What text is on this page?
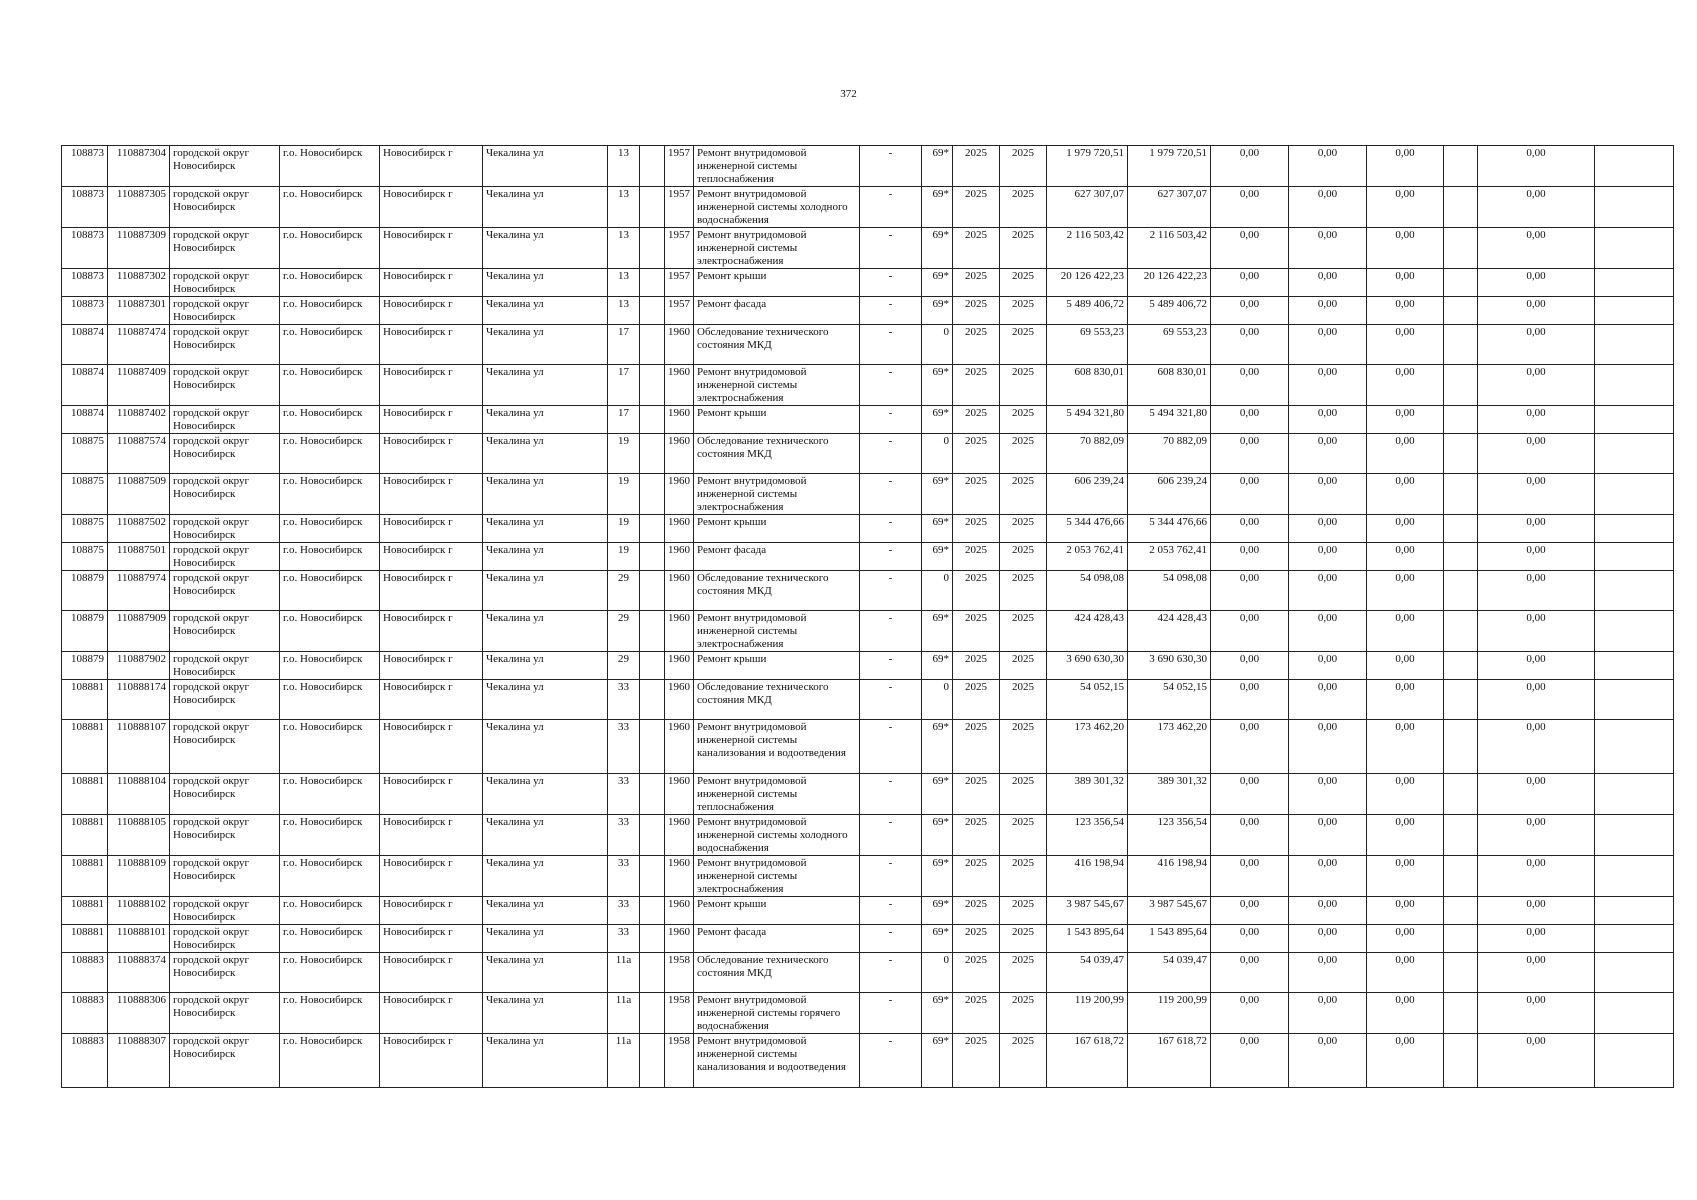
372
108873	110887304	городской округ Новосибирск	г.о. Новосибирск	Новосибирск г	Чекалина ул	13		1957	Ремонт внутридомовой инженерной системы теплоснабжения	-	69*	2025	2025	1 979 720,51	1 979 720,51	0,00	0,00	0,00		0,00	
108873	110887305	городской округ Новосибирск	г.о. Новосибирск	Новосибирск г	Чекалина ул	13		1957	Ремонт внутридомовой инженерной системы холодного водоснабжения	-	69*	2025	2025	627 307,07	627 307,07	0,00	0,00	0,00		0,00	
108873	110887309	городской округ Новосибирск	г.о. Новосибирск	Новосибирск г	Чекалина ул	13		1957	Ремонт внутридомовой инженерной системы электроснабжения	-	69*	2025	2025	2 116 503,42	2 116 503,42	0,00	0,00	0,00		0,00	
108873	110887302	городской округ Новосибирск	г.о. Новосибирск	Новосибирск г	Чекалина ул	13		1957	Ремонт крыши	-	69*	2025	2025	20 126 422,23	20 126 422,23	0,00	0,00	0,00		0,00	
108873	110887301	городской округ Новосибирск	г.о. Новосибирск	Новосибирск г	Чекалина ул	13		1957	Ремонт фасада	-	69*	2025	2025	5 489 406,72	5 489 406,72	0,00	0,00	0,00		0,00	
108874	110887474	городской округ Новосибирск	г.о. Новосибирск	Новосибирск г	Чекалина ул	17		1960	Обследование технического состояния МКД	-	0	2025	2025	69 553,23	69 553,23	0,00	0,00	0,00		0,00	
108874	110887409	городской округ Новосибирск	г.о. Новосибирск	Новосибирск г	Чекалина ул	17		1960	Ремонт внутридомовой инженерной системы электроснабжения	-	69*	2025	2025	608 830,01	608 830,01	0,00	0,00	0,00		0,00	
108874	110887402	городской округ Новосибирск	г.о. Новосибирск	Новосибирск г	Чекалина ул	17		1960	Ремонт крыши	-	69*	2025	2025	5 494 321,80	5 494 321,80	0,00	0,00	0,00		0,00	
108875	110887574	городской округ Новосибирск	г.о. Новосибирск	Новосибирск г	Чекалина ул	19		1960	Обследование технического состояния МКД	-	0	2025	2025	70 882,09	70 882,09	0,00	0,00	0,00		0,00	
108875	110887509	городской округ Новосибирск	г.о. Новосибирск	Новосибирск г	Чекалина ул	19		1960	Ремонт внутридомовой инженерной системы электроснабжения	-	69*	2025	2025	606 239,24	606 239,24	0,00	0,00	0,00		0,00	
108875	110887502	городской округ Новосибирск	г.о. Новосибирск	Новосибирск г	Чекалина ул	19		1960	Ремонт крыши	-	69*	2025	2025	5 344 476,66	5 344 476,66	0,00	0,00	0,00		0,00	
108875	110887501	городской округ Новосибирск	г.о. Новосибирск	Новосибирск г	Чекалина ул	19		1960	Ремонт фасада	-	69*	2025	2025	2 053 762,41	2 053 762,41	0,00	0,00	0,00		0,00	
108879	110887974	городской округ Новосибирск	г.о. Новосибирск	Новосибирск г	Чекалина ул	29		1960	Обследование технического состояния МКД	-	0	2025	2025	54 098,08	54 098,08	0,00	0,00	0,00		0,00	
108879	110887909	городской округ Новосибирск	г.о. Новосибирск	Новосибирск г	Чекалина ул	29		1960	Ремонт внутридомовой инженерной системы электроснабжения	-	69*	2025	2025	424 428,43	424 428,43	0,00	0,00	0,00		0,00	
108879	110887902	городской округ Новосибирск	г.о. Новосибирск	Новосибирск г	Чекалина ул	29		1960	Ремонт крыши	-	69*	2025	2025	3 690 630,30	3 690 630,30	0,00	0,00	0,00		0,00	
108881	110888174	городской округ Новосибирск	г.о. Новосибирск	Новосибирск г	Чекалина ул	33		1960	Обследование технического состояния МКД	-	0	2025	2025	54 052,15	54 052,15	0,00	0,00	0,00		0,00	
108881	110888107	городской округ Новосибирск	г.о. Новосибирск	Новосибирск г	Чекалина ул	33		1960	Ремонт внутридомовой инженерной системы канализования и водоотведения	-	69*	2025	2025	173 462,20	173 462,20	0,00	0,00	0,00		0,00	
108881	110888104	городской округ Новосибирск	г.о. Новосибирск	Новосибирск г	Чекалина ул	33		1960	Ремонт внутридомовой инженерной системы теплоснабжения	-	69*	2025	2025	389 301,32	389 301,32	0,00	0,00	0,00		0,00	
108881	110888105	городской округ Новосибирск	г.о. Новосибирск	Новосибирск г	Чекалина ул	33		1960	Ремонт внутридомовой инженерной системы холодного водоснабжения	-	69*	2025	2025	123 356,54	123 356,54	0,00	0,00	0,00		0,00	
108881	110888109	городской округ Новосибирск	г.о. Новосибирск	Новосибирск г	Чекалина ул	33		1960	Ремонт внутридомовой инженерной системы электроснабжения	-	69*	2025	2025	416 198,94	416 198,94	0,00	0,00	0,00		0,00	
108881	110888102	городской округ Новосибирск	г.о. Новосибирск	Новосибирск г	Чекалина ул	33		1960	Ремонт крыши	-	69*	2025	2025	3 987 545,67	3 987 545,67	0,00	0,00	0,00		0,00	
108881	110888101	городской округ Новосибирск	г.о. Новосибирск	Новосибирск г	Чекалина ул	33		1960	Ремонт фасада	-	69*	2025	2025	1 543 895,64	1 543 895,64	0,00	0,00	0,00		0,00	
108883	110888374	городской округ Новосибирск	г.о. Новосибирск	Новосибирск г	Чекалина ул	11а		1958	Обследование технического состояния МКД	-	0	2025	2025	54 039,47	54 039,47	0,00	0,00	0,00		0,00	
108883	110888306	городской округ Новосибирск	г.о. Новосибирск	Новосибирск г	Чекалина ул	11а		1958	Ремонт внутридомовой инженерной системы горячего водоснабжения	-	69*	2025	2025	119 200,99	119 200,99	0,00	0,00	0,00		0,00	
108883	110888307	городской округ Новосибирск	г.о. Новосибирск	Новосибирск г	Чекалина ул	11а		1958	Ремонт внутридомовой инженерной системы канализования и водоотведения	-	69*	2025	2025	167 618,72	167 618,72	0,00	0,00	0,00		0,00	
